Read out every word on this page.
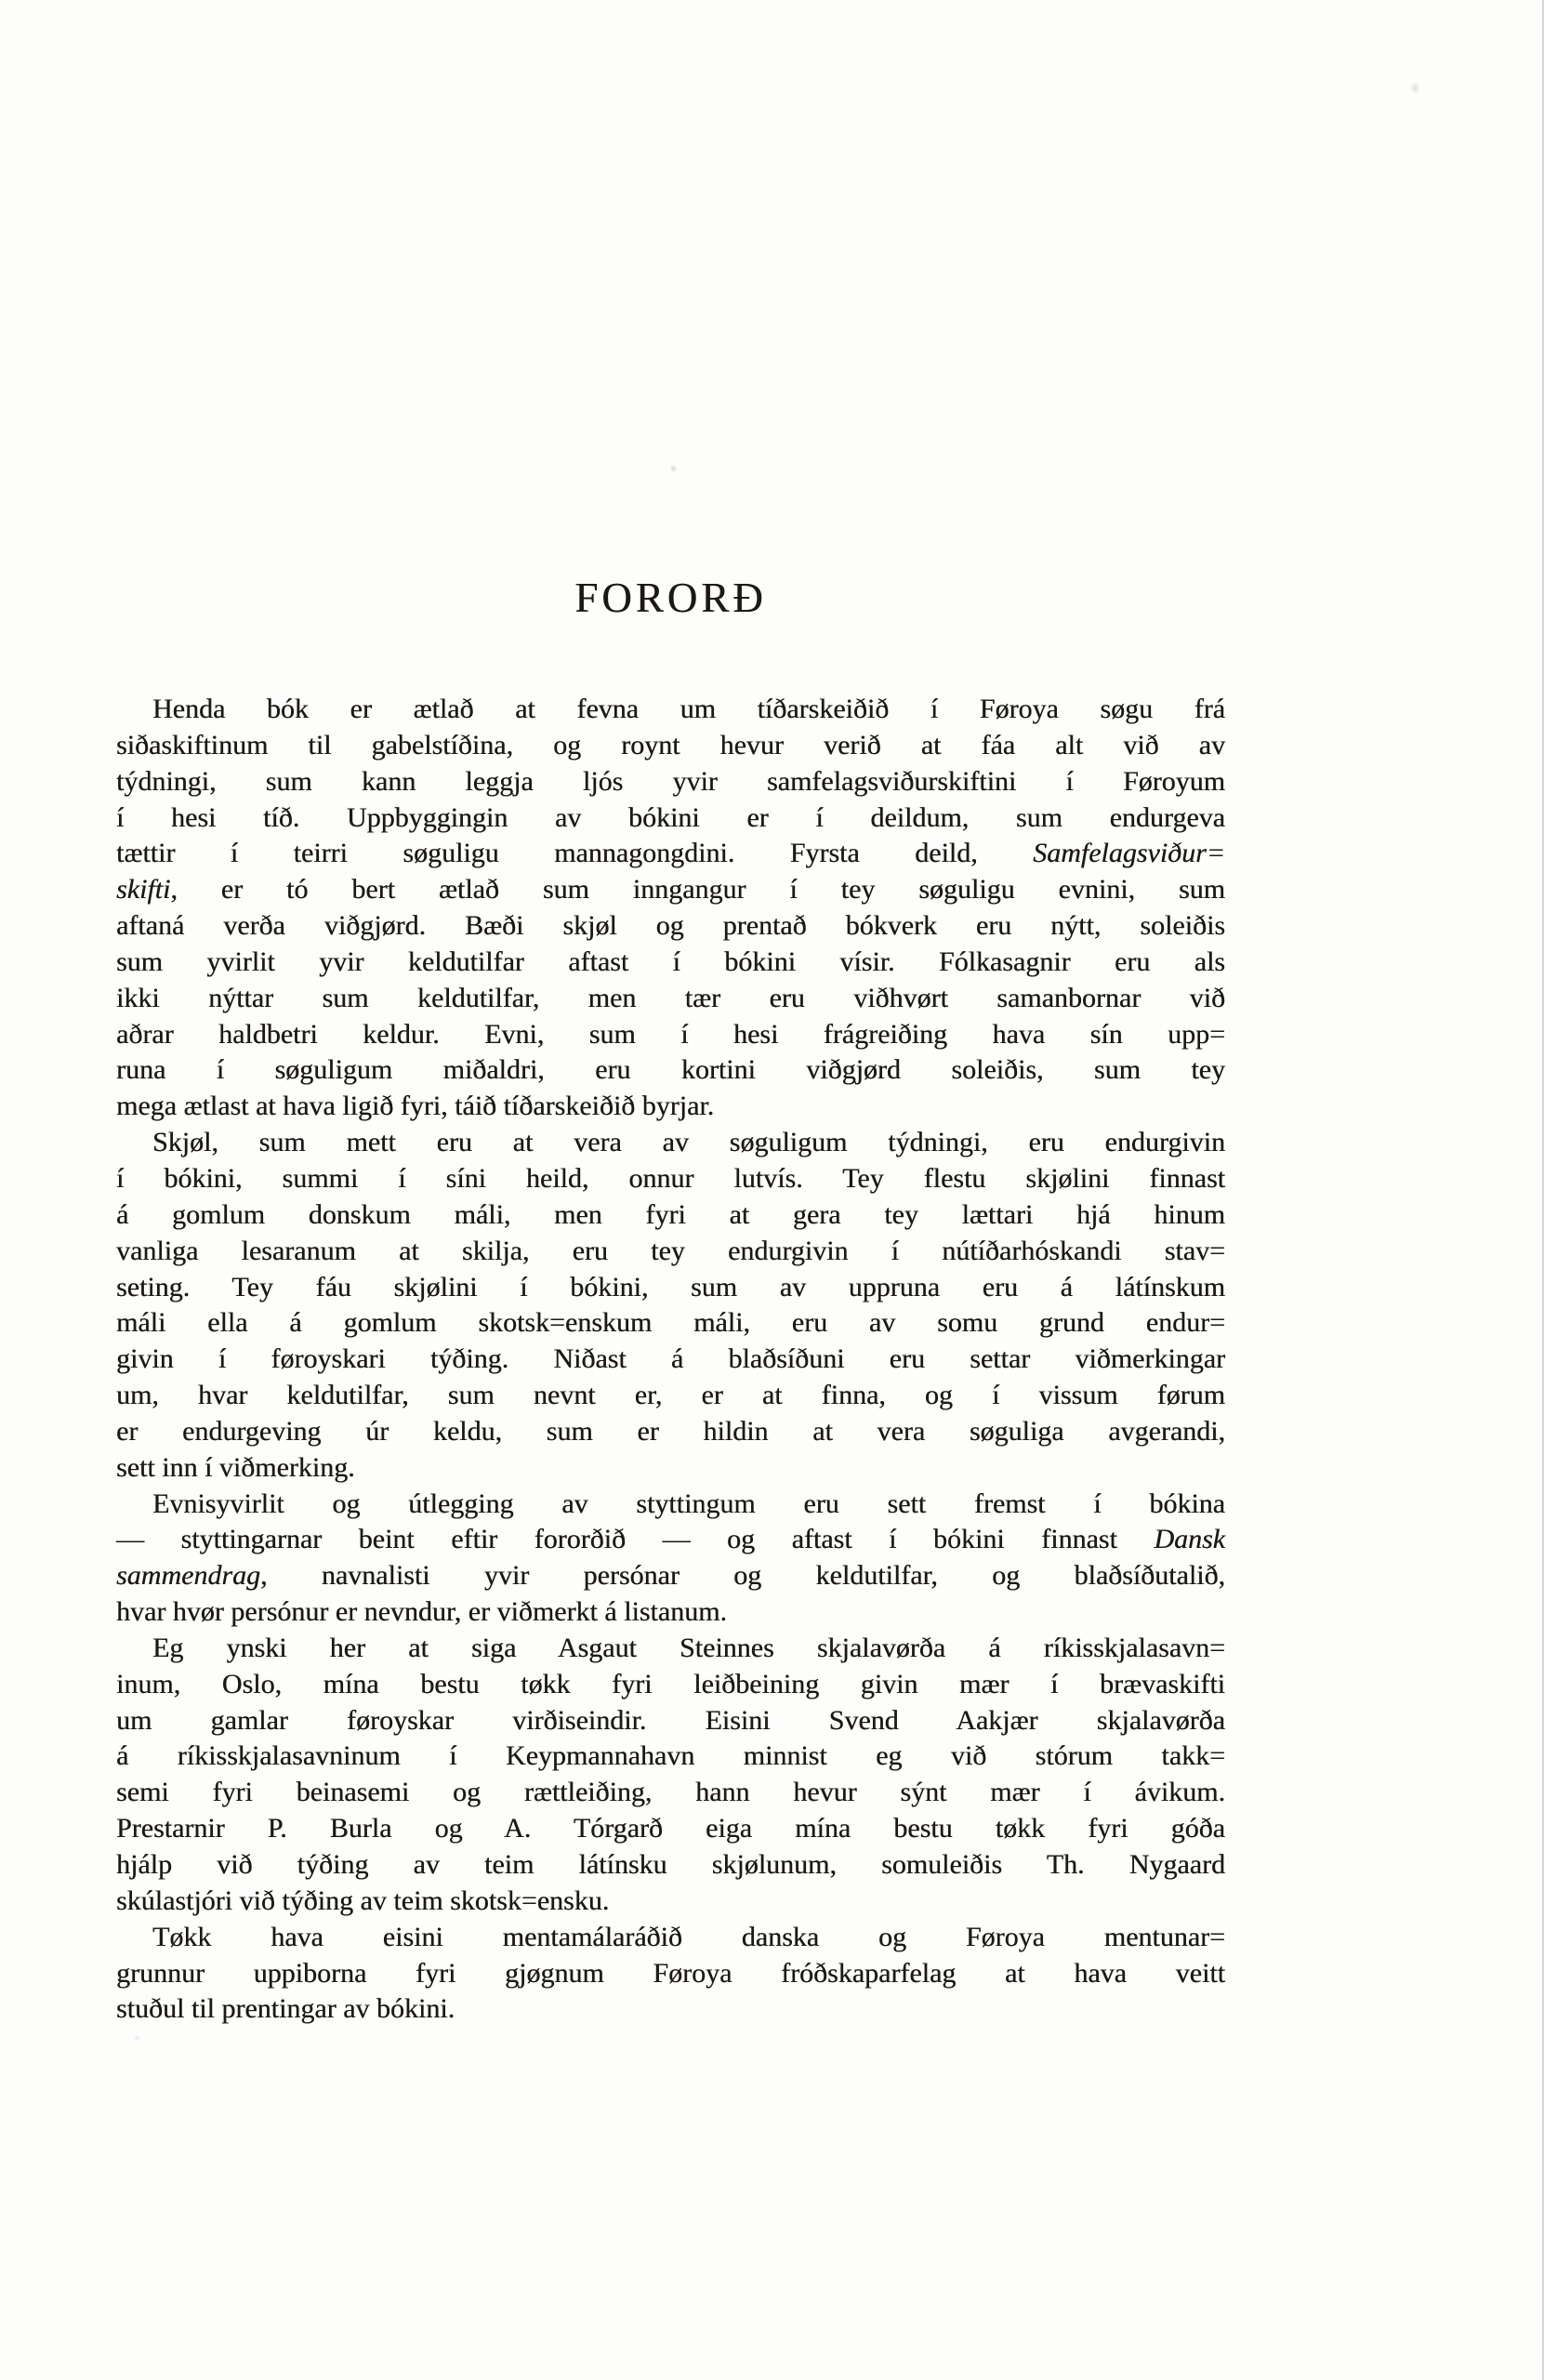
FORORÐ
Henda bók er ætlað at fevna um tíðarskeiðið í Føroya søgu frá
siðaskiftinum til gabelstíðina, og roynt hevur verið at fáa alt við av
týdningi, sum kann leggja ljós yvir samfelagsviðurskiftini í Føroyum
í hesi tíð. Uppbyggingin av bókini er í deildum, sum endurgeva
tættir í teirri søguligu mannagongdini. Fyrsta deild, Samfelagsviður=
skifti, er tó bert ætlað sum inngangur í tey søguligu evnini, sum
aftaná verða viðgjørd. Bæði skjøl og prentað bókverk eru nýtt, soleiðis
sum yvirlit yvir keldutilfar aftast í bókini vísir. Fólkasagnir eru als
ikki nýttar sum keldutilfar, men tær eru viðhvørt samanbornar við
aðrar haldbetri keldur. Evni, sum í hesi frágreiðing hava sín upp=
runa í søguligum miðaldri, eru kortini viðgjørd soleiðis, sum tey
mega ætlast at hava ligið fyri, táið tíðarskeiðið byrjar.
Skjøl, sum mett eru at vera av søguligum týdningi, eru endurgivin
í bókini, summi í síni heild, onnur lutvís. Tey flestu skjølini finnast
á gomlum donskum máli, men fyri at gera tey lættari hjá hinum
vanliga lesaranum at skilja, eru tey endurgivin í nútíðarhóskandi stav=
seting. Tey fáu skjølini í bókini, sum av uppruna eru á látínskum
máli ella á gomlum skotsk=enskum máli, eru av somu grund endur=
givin í føroyskari týðing. Niðast á blaðsíðuni eru settar viðmerkingar
um, hvar keldutilfar, sum nevnt er, er at finna, og í vissum førum
er endurgeving úr keldu, sum er hildin at vera søguliga avgerandi,
sett inn í viðmerking.
Evnisyvirlit og útlegging av styttingum eru sett fremst í bókina
— styttingarnar beint eftir fororðið — og aftast í bókini finnast Dansk
sammendrag, navnalisti yvir persónar og keldutilfar, og blaðsíðutalið,
hvar hvør persónur er nevndur, er viðmerkt á listanum.
Eg ynski her at siga Asgaut Steinnes skjalavørða á ríkisskjalasavn=
inum, Oslo, mína bestu tøkk fyri leiðbeining givin mær í brævaskifti
um gamlar føroyskar virðiseindir. Eisini Svend Aakjær skjalavørða
á ríkisskjalasavninum í Keypmannahavn minnist eg við stórum takk=
semi fyri beinasemi og rættleiðing, hann hevur sýnt mær í ávikum.
Prestarnir P. Burla og A. Tórgarð eiga mína bestu tøkk fyri góða
hjálp við týðing av teim látínsku skjølunum, somuleiðis Th. Nygaard
skúlastjóri við týðing av teim skotsk=ensku.
Tøkk hava eisini mentamálaráðið danska og Føroya mentunar=
grunnur uppiborna fyri gjøgnum Føroya fróðskaparfelag at hava veitt
stuðul til prentingar av bókini.
